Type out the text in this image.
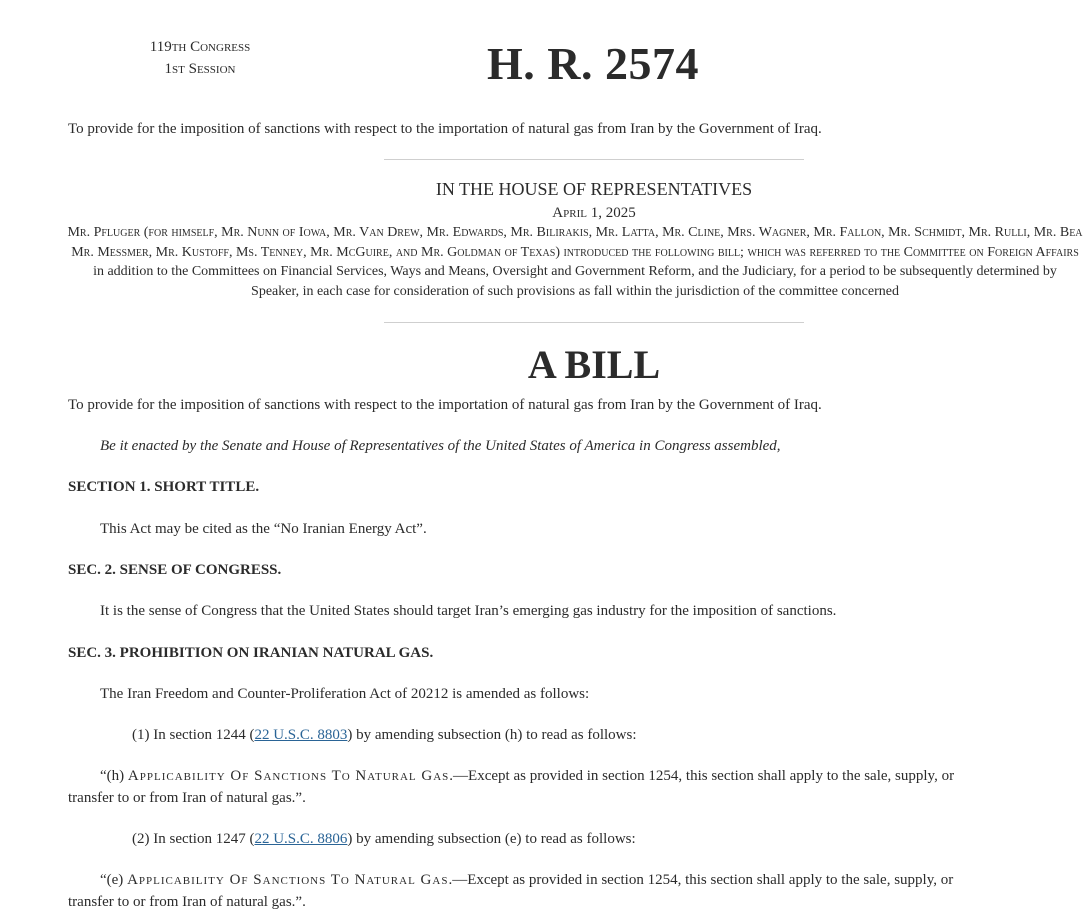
119th Congress
1st Session	H. R. 2574
To provide for the imposition of sanctions with respect to the importation of natural gas from Iran by the Government of Iraq.
IN THE HOUSE OF REPRESENTATIVES
April 1, 2025
Mr. Pfluger (for himself, Mr. Nunn of Iowa, Mr. Van Drew, Mr. Edwards, Mr. Bilirakis, Mr. Latta, Mr. Cline, Mrs. Wagner, Mr. Fallon, Mr. Schmidt, Mr. Rulli, Mr. Bea
Mr. Messmer, Mr. Kustoff, Ms. Tenney, Mr. McGuire, and Mr. Goldman of Texas) introduced the following bill; which was referred to the Committee on Foreign Affairs
in addition to the Committees on Financial Services, Ways and Means, Oversight and Government Reform, and the Judiciary, for a period to be subsequently determined by
Speaker, in each case for consideration of such provisions as fall within the jurisdiction of the committee concerned
A BILL
To provide for the imposition of sanctions with respect to the importation of natural gas from Iran by the Government of Iraq.
Be it enacted by the Senate and House of Representatives of the United States of America in Congress assembled,
SECTION 1. SHORT TITLE.
This Act may be cited as the “No Iranian Energy Act”.
SEC. 2. SENSE OF CONGRESS.
It is the sense of Congress that the United States should target Iran’s emerging gas industry for the imposition of sanctions.
SEC. 3. PROHIBITION ON IRANIAN NATURAL GAS.
The Iran Freedom and Counter-Proliferation Act of 20212 is amended as follows:
(1) In section 1244 (22 U.S.C. 8803) by amending subsection (h) to read as follows:
“(h) Applicability Of Sanctions To Natural Gas.—Except as provided in section 1254, this section shall apply to the sale, supply, or
transfer to or from Iran of natural gas.”.
(2) In section 1247 (22 U.S.C. 8806) by amending subsection (e) to read as follows:
“(e) Applicability Of Sanctions To Natural Gas.—Except as provided in section 1254, this section shall apply to the sale, supply, or
transfer to or from Iran of natural gas.”.
